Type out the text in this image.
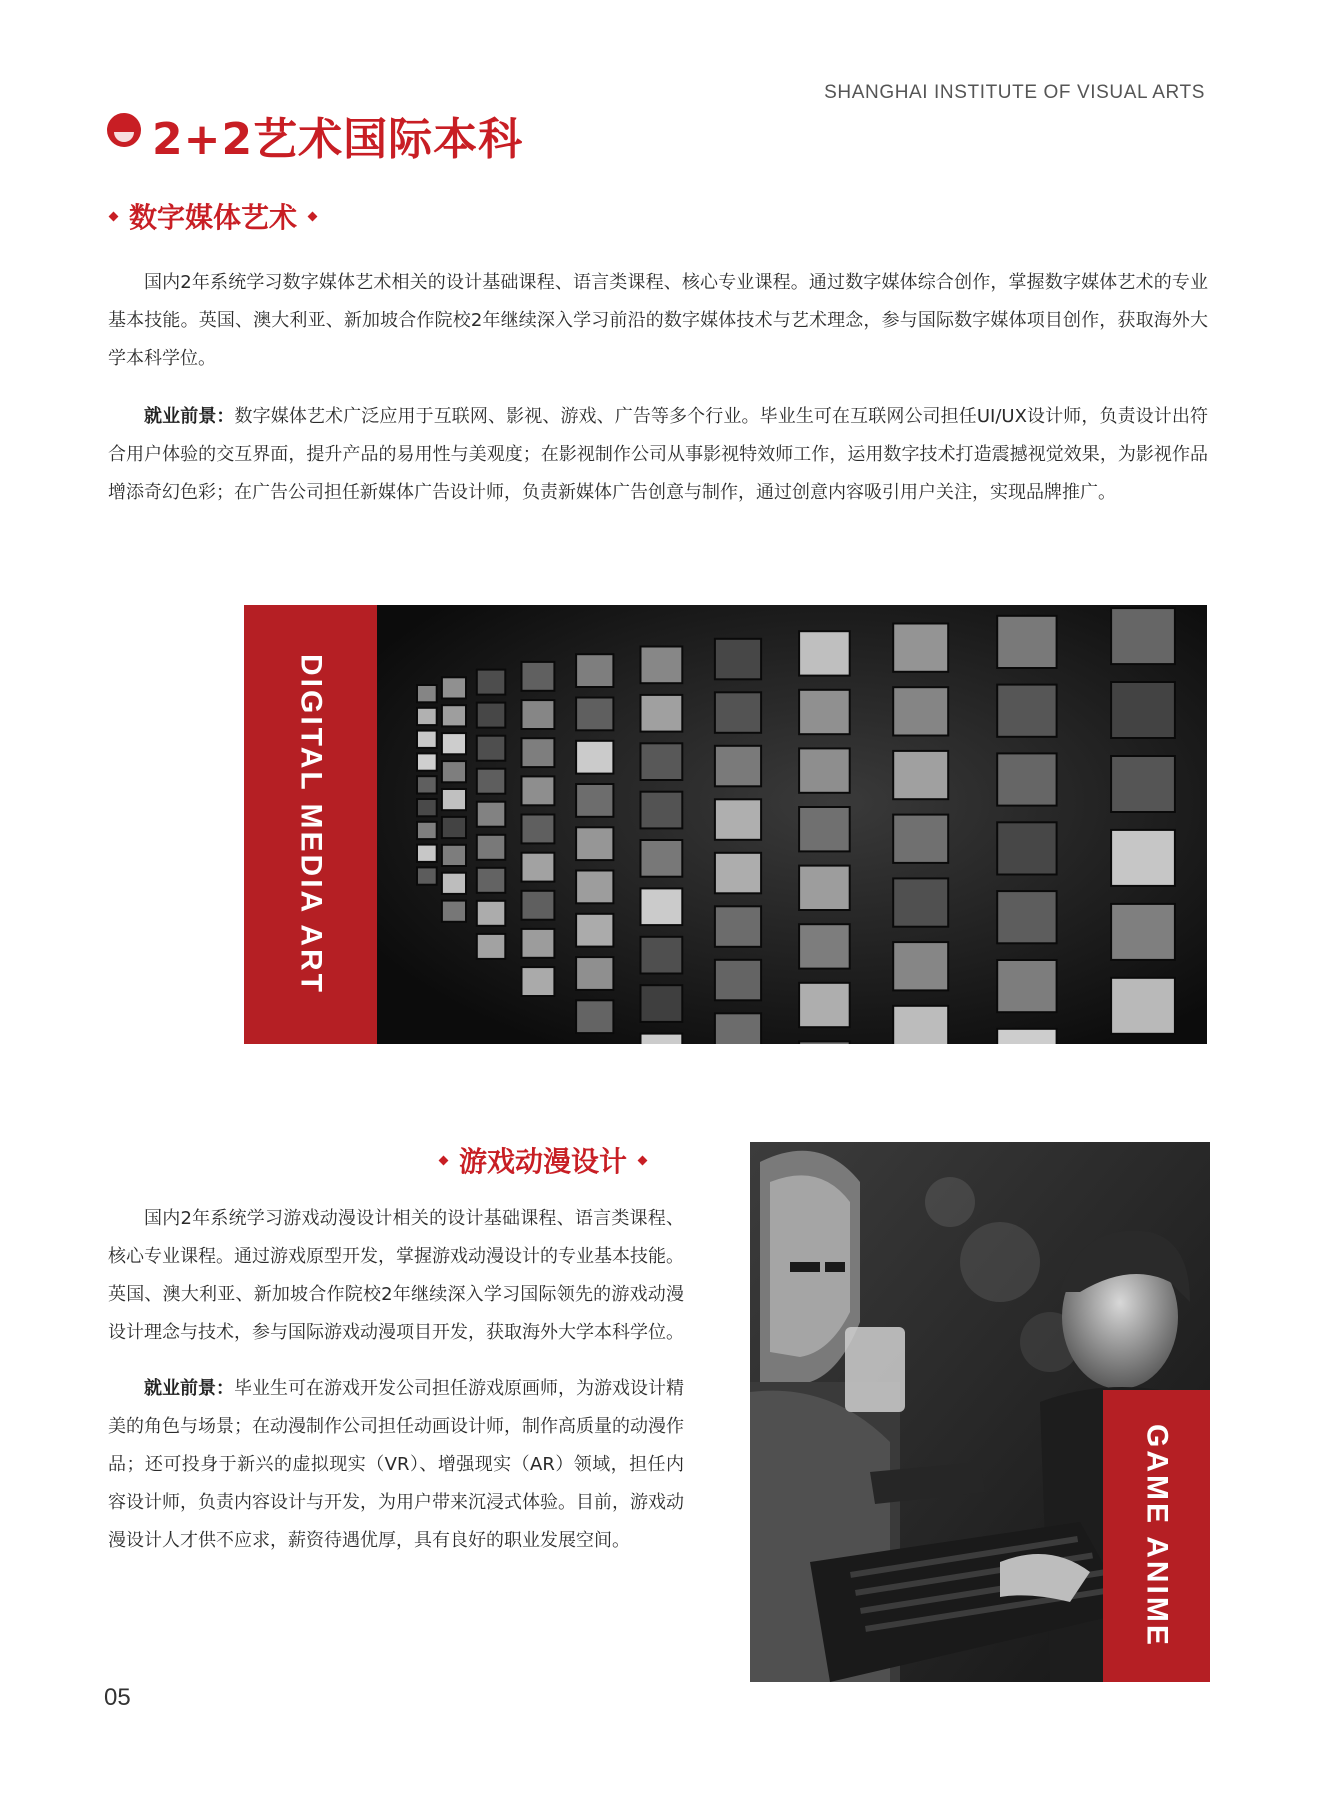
SHANGHAI INSTITUTE OF VISUAL ARTS
2+2艺术国际本科
数字媒体艺术

国内2年系统学习数字媒体艺术相关的设计基础课程、语言类课程、核心专业课程。通过数字媒体综合创作，掌握数字媒体艺术的专业基本技能。英国、澳大利亚、新加坡合作院校2年继续深入学习前沿的数字媒体技术与艺术理念，参与国际数字媒体项目创作，获取海外大学本科学位。

就业前景：数字媒体艺术广泛应用于互联网、影视、游戏、广告等多个行业。毕业生可在互联网公司担任UI/UX设计师，负责设计出符合用户体验的交互界面，提升产品的易用性与美观度；在影视制作公司从事影视特效师工作，运用数字技术打造震撼视觉效果，为影视作品增添奇幻色彩；在广告公司担任新媒体广告设计师，负责新媒体广告创意与制作，通过创意内容吸引用户关注，实现品牌推广。

DIGITAL MEDIA ART
游戏动漫设计

国内2年系统学习游戏动漫设计相关的设计基础课程、语言类课程、核心专业课程。通过游戏原型开发，掌握游戏动漫设计的专业基本技能。英国、澳大利亚、新加坡合作院校2年继续深入学习国际领先的游戏动漫设计理念与技术，参与国际游戏动漫项目开发，获取海外大学本科学位。

就业前景：毕业生可在游戏开发公司担任游戏原画师，为游戏设计精美的角色与场景；在动漫制作公司担任动画设计师，制作高质量的动漫作品；还可投身于新兴的虚拟现实（VR）、增强现实（AR）领域，担任内容设计师，负责内容设计与开发，为用户带来沉浸式体验。目前，游戏动漫设计人才供不应求，薪资待遇优厚，具有良好的职业发展空间。	GAME ANIME
05
